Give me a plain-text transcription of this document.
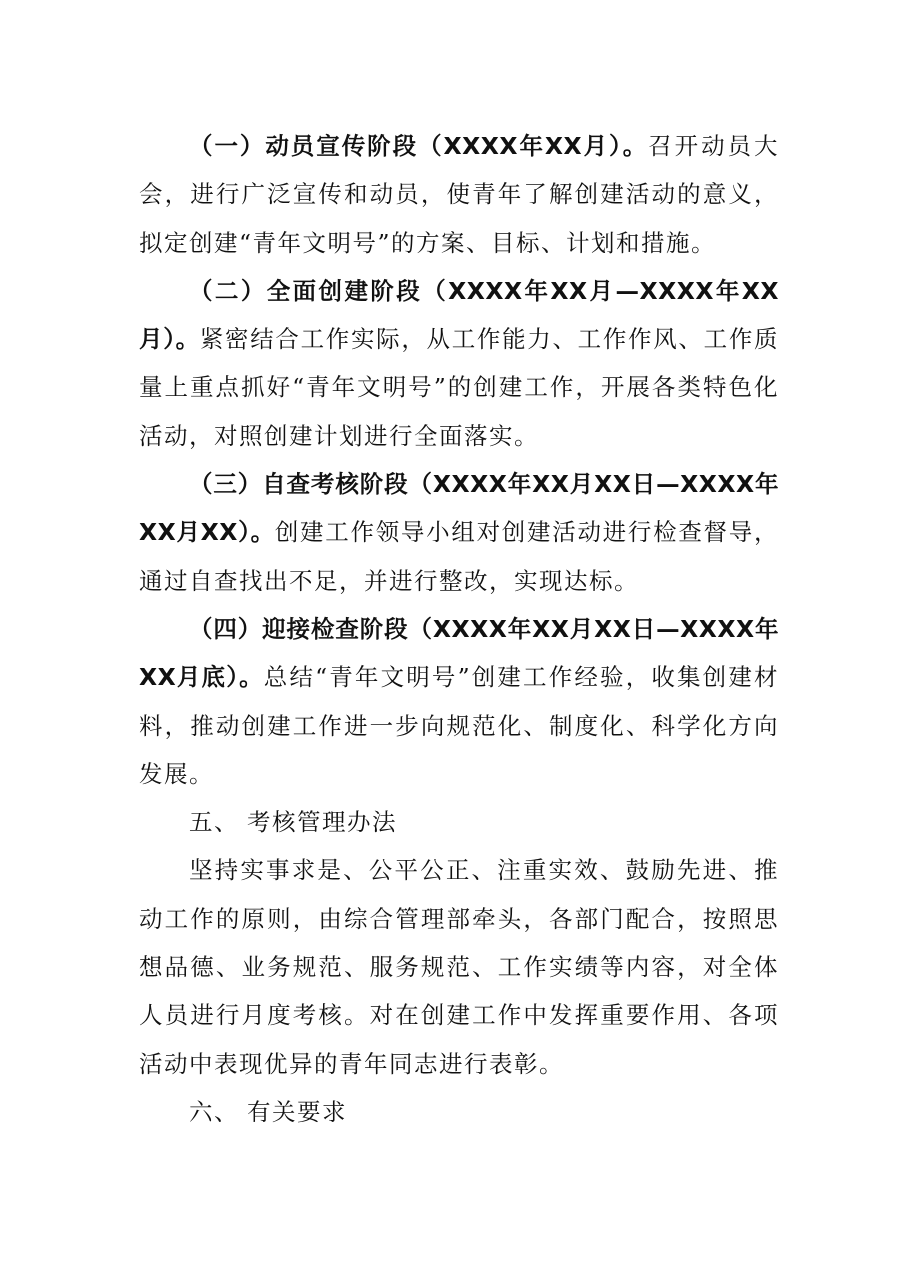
（一）动员宣传阶段（XXXX年XX月）。召开动员大会，进行广泛宣传和动员，使青年了解创建活动的意义，拟定创建“青年文明号”的方案、目标、计划和措施。

（二）全面创建阶段（XXXX年XX月—XXXX年XX月）。紧密结合工作实际，从工作能力、工作作风、工作质量上重点抓好“青年文明号”的创建工作，开展各类特色化活动，对照创建计划进行全面落实。

（三）自查考核阶段（XXXX年XX月XX日—XXXX年XX月XX）。创建工作领导小组对创建活动进行检查督导，通过自查找出不足，并进行整改，实现达标。

（四）迎接检查阶段（XXXX年XX月XX日—XXXX年XX月底）。总结“青年文明号”创建工作经验，收集创建材料，推动创建工作进一步向规范化、制度化、科学化方向发展。

五、 考核管理办法

坚持实事求是、公平公正、注重实效、鼓励先进、推动工作的原则，由综合管理部牵头，各部门配合，按照思想品德、业务规范、服务规范、工作实绩等内容，对全体人员进行月度考核。对在创建工作中发挥重要作用、各项活动中表现优异的青年同志进行表彰。

六、 有关要求
